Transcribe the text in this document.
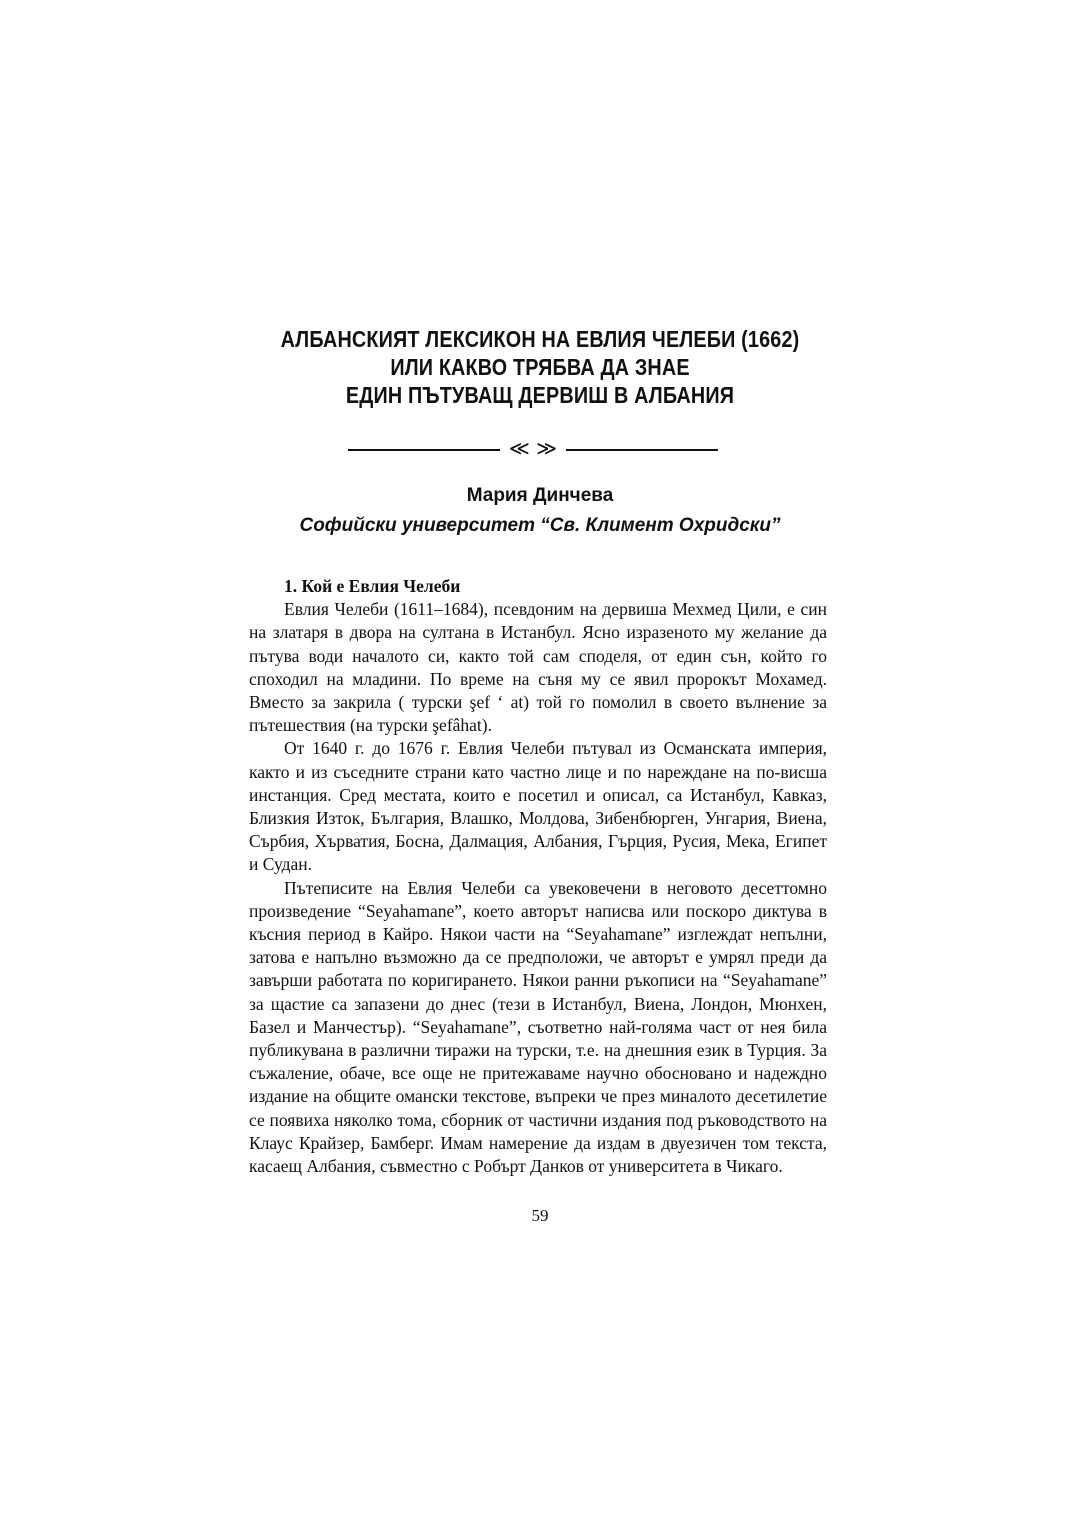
АЛБАНСКИЯТ ЛЕКСИКОН НА ЕВЛИЯ ЧЕЛЕБИ (1662)
ИЛИ КАКВО ТРЯБВА ДА ЗНАЕ
ЕДИН ПЪТУВАЩ ДЕРВИШ В АЛБАНИЯ
≪ ≫
Мария Динчева
Софийски университет “Св. Климент Охридски”
1. Кой е Евлия Челеби

Евлия Челеби (1611–1684), псевдоним на дервиша Мехмед Цили, е син на златаря в двора на султана в Истанбул. Ясно изразеното му желание да пътува води началото си, както той сам споделя, от един сън, който го споходил на младини. По време на съня му се явил пророкът Мохамед. Вместо за закрила ( турски şef ‘ at) той го помолил в своето вълнение за пътешествия (на турски şefâhat).

От 1640 г. до 1676 г. Евлия Челеби пътувал из Османската империя, както и из съседните страни като частно лице и по нареждане на по-висша инстанция. Сред местата, които е посетил и описал, са Истанбул, Кавказ, Близкия Изток, България, Влашко, Молдова, Зибенбюрген, Унгария, Виена, Сърбия, Хърватия, Босна, Далмация, Албания, Гърция, Русия, Мека, Египет и Судан.

Пътеписите на Евлия Челеби са увековечени в неговото десеттомно произведение “Seyahamane”, което авторът написва или поскоро диктува в късния период в Кайро. Някои части на “Seyahamane” изглеждат непълни, затова е напълно възможно да се предположи, че авторът е умрял преди да завърши работата по коригирането. Някои ранни ръкописи на “Seyahamane” за щастие са запазени до днес (тези в Истанбул, Виена, Лондон, Мюнхен, Базел и Манчестър). “Seyahamane”, съответно най-голяма част от нея била публикувана в различни тиражи на турски, т.е. на днешния език в Турция. За съжаление, обаче, все още не притежаваме научно обосновано и надеждно издание на общите омански текстове, въпреки че през миналото десетилетие се появиха няколко тома, сборник от частични издания под ръководството на Клаус Крайзер, Бамберг. Имам намерение да издам в двуезичен том текста, касаещ Албания, съвместно с Робърт Данков от университета в Чикаго.

59
